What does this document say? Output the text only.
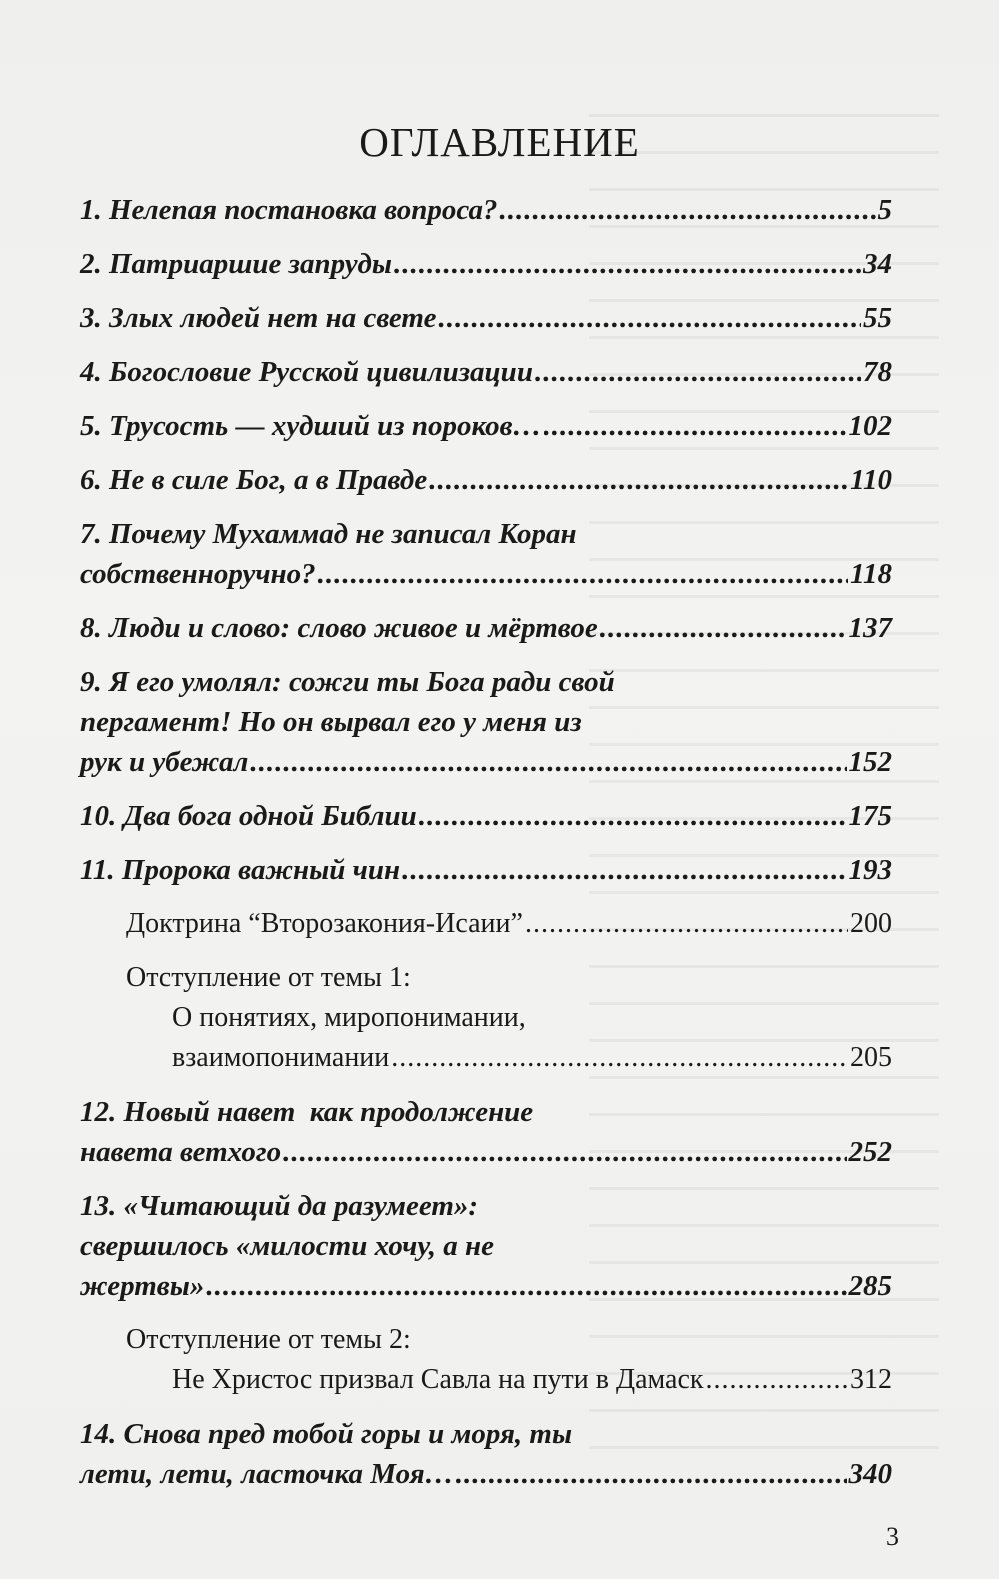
ОГЛАВЛЕНИЕ
1. Нелепая постановка вопроса? .....	5
2. Патриаршие запруды .....	34
3. Злых людей нет на свете .....	55
4. Богословие Русской цивилизации .....	78
5. Трусость — худший из пороков… .....	102
6. Не в силе Бог, а в Правде .....	110
7. Почему Мухаммад не записал Коран
собственноручно? .....	118
8. Люди и слово: слово живое и мёртвое .....	137
9. Я его умолял: сожги ты Бога ради свой
пергамент! Но он вырвал его у меня из
рук и убежал .....	152
10. Два бога одной Библии .....	175
11. Пророка важный чин .....	193
Доктрина “Второзакония-Исаии” .....	200
Отступление от темы 1:
О понятиях, миропонимании,
взаимопонимании .....	205
12. Новый навет  как продолжение
навета ветхого .....	252
13. «Читающий да разумеет»:
свершилось «милости хочу, а не
жертвы» .....	285
Отступление от темы 2:
Не Христос призвал Савла на пути в Дамаск .....	312
14. Снова пред тобой горы и моря, ты
лети, лети, ласточка Моя… .....	340
3
